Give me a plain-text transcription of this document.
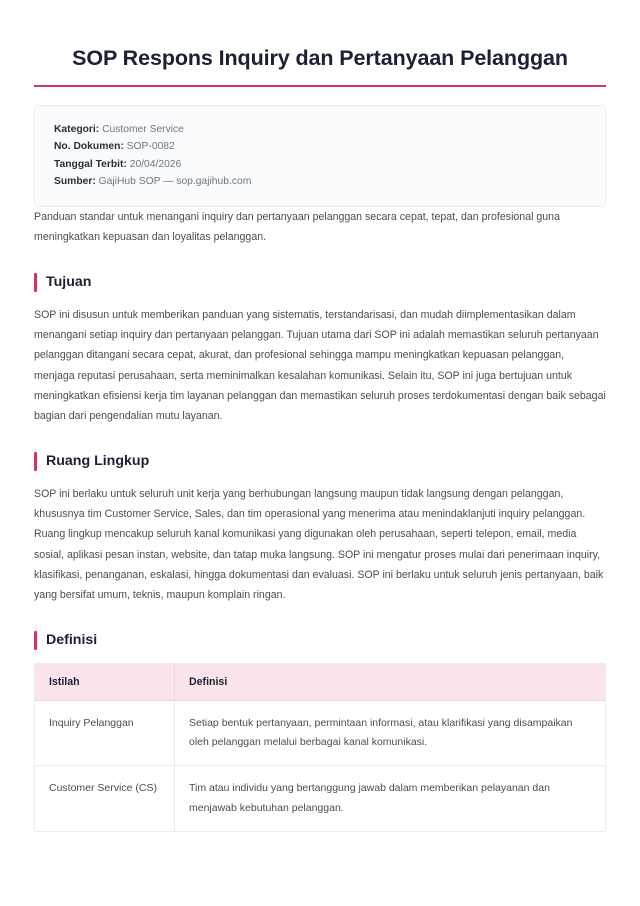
SOP Respons Inquiry dan Pertanyaan Pelanggan
Kategori: Customer Service
No. Dokumen: SOP-0082
Tanggal Terbit: 20/04/2026
Sumber: GajiHub SOP — sop.gajihub.com

Panduan standar untuk menangani inquiry dan pertanyaan pelanggan secara cepat, tepat, dan profesional guna meningkatkan kepuasan dan loyalitas pelanggan.

Tujuan

SOP ini disusun untuk memberikan panduan yang sistematis, terstandarisasi, dan mudah diimplementasikan dalam menangani setiap inquiry dan pertanyaan pelanggan. Tujuan utama dari SOP ini adalah memastikan seluruh pertanyaan pelanggan ditangani secara cepat, akurat, dan profesional sehingga mampu meningkatkan kepuasan pelanggan, menjaga reputasi perusahaan, serta meminimalkan kesalahan komunikasi. Selain itu, SOP ini juga bertujuan untuk meningkatkan efisiensi kerja tim layanan pelanggan dan memastikan seluruh proses terdokumentasi dengan baik sebagai bagian dari pengendalian mutu layanan.

Ruang Lingkup

SOP ini berlaku untuk seluruh unit kerja yang berhubungan langsung maupun tidak langsung dengan pelanggan, khususnya tim Customer Service, Sales, dan tim operasional yang menerima atau menindaklanjuti inquiry pelanggan. Ruang lingkup mencakup seluruh kanal komunikasi yang digunakan oleh perusahaan, seperti telepon, email, media sosial, aplikasi pesan instan, website, dan tatap muka langsung. SOP ini mengatur proses mulai dari penerimaan inquiry, klasifikasi, penanganan, eskalasi, hingga dokumentasi dan evaluasi. SOP ini berlaku untuk seluruh jenis pertanyaan, baik yang bersifat umum, teknis, maupun komplain ringan.

Definisi
Istilah	Definisi
Inquiry Pelanggan	Setiap bentuk pertanyaan, permintaan informasi, atau klarifikasi yang disampaikan oleh pelanggan melalui berbagai kanal komunikasi.
Customer Service (CS)	Tim atau individu yang bertanggung jawab dalam memberikan pelayanan dan menjawab kebutuhan pelanggan.
